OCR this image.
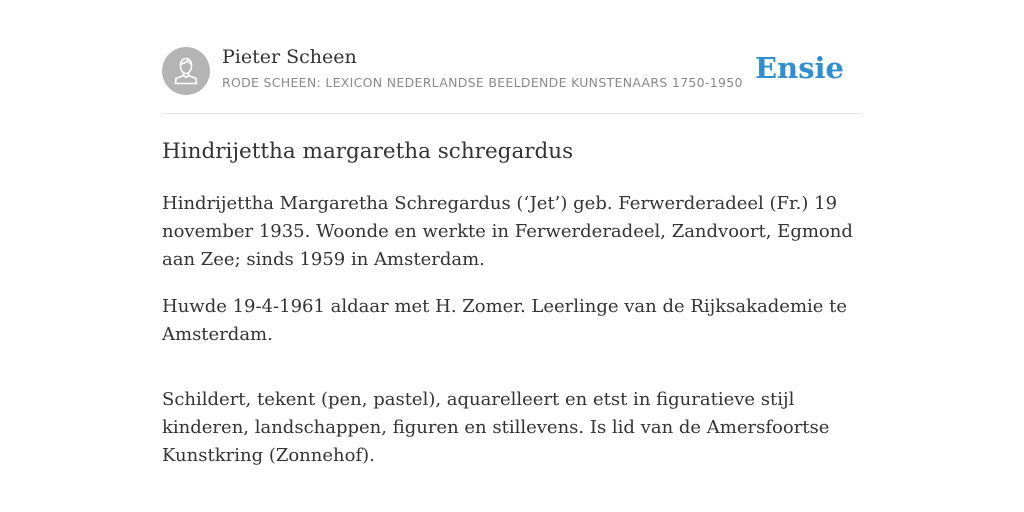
Pieter Scheen
RODE SCHEEN: LEXICON NEDERLANDSE BEELDENDE KUNSTENAARS 1750-1950 Ensie
Hindrijettha margaretha schregardus

Hindrijettha Margaretha Schregardus (‘Jet’) geb. Ferwerderadeel (Fr.) 19 november 1935. Woonde en werkte in Ferwerderadeel, Zandvoort, Egmond aan Zee; sinds 1959 in Amsterdam.

Huwde 19-4-1961 aldaar met H. Zomer. Leerlinge van de Rijksakademie te Amsterdam.

Schildert, tekent (pen, pastel), aquarelleert en etst in figuratieve stijl kinderen, landschappen, figuren en stillevens. Is lid van de Amersfoortse Kunstkring (Zonnehof).
